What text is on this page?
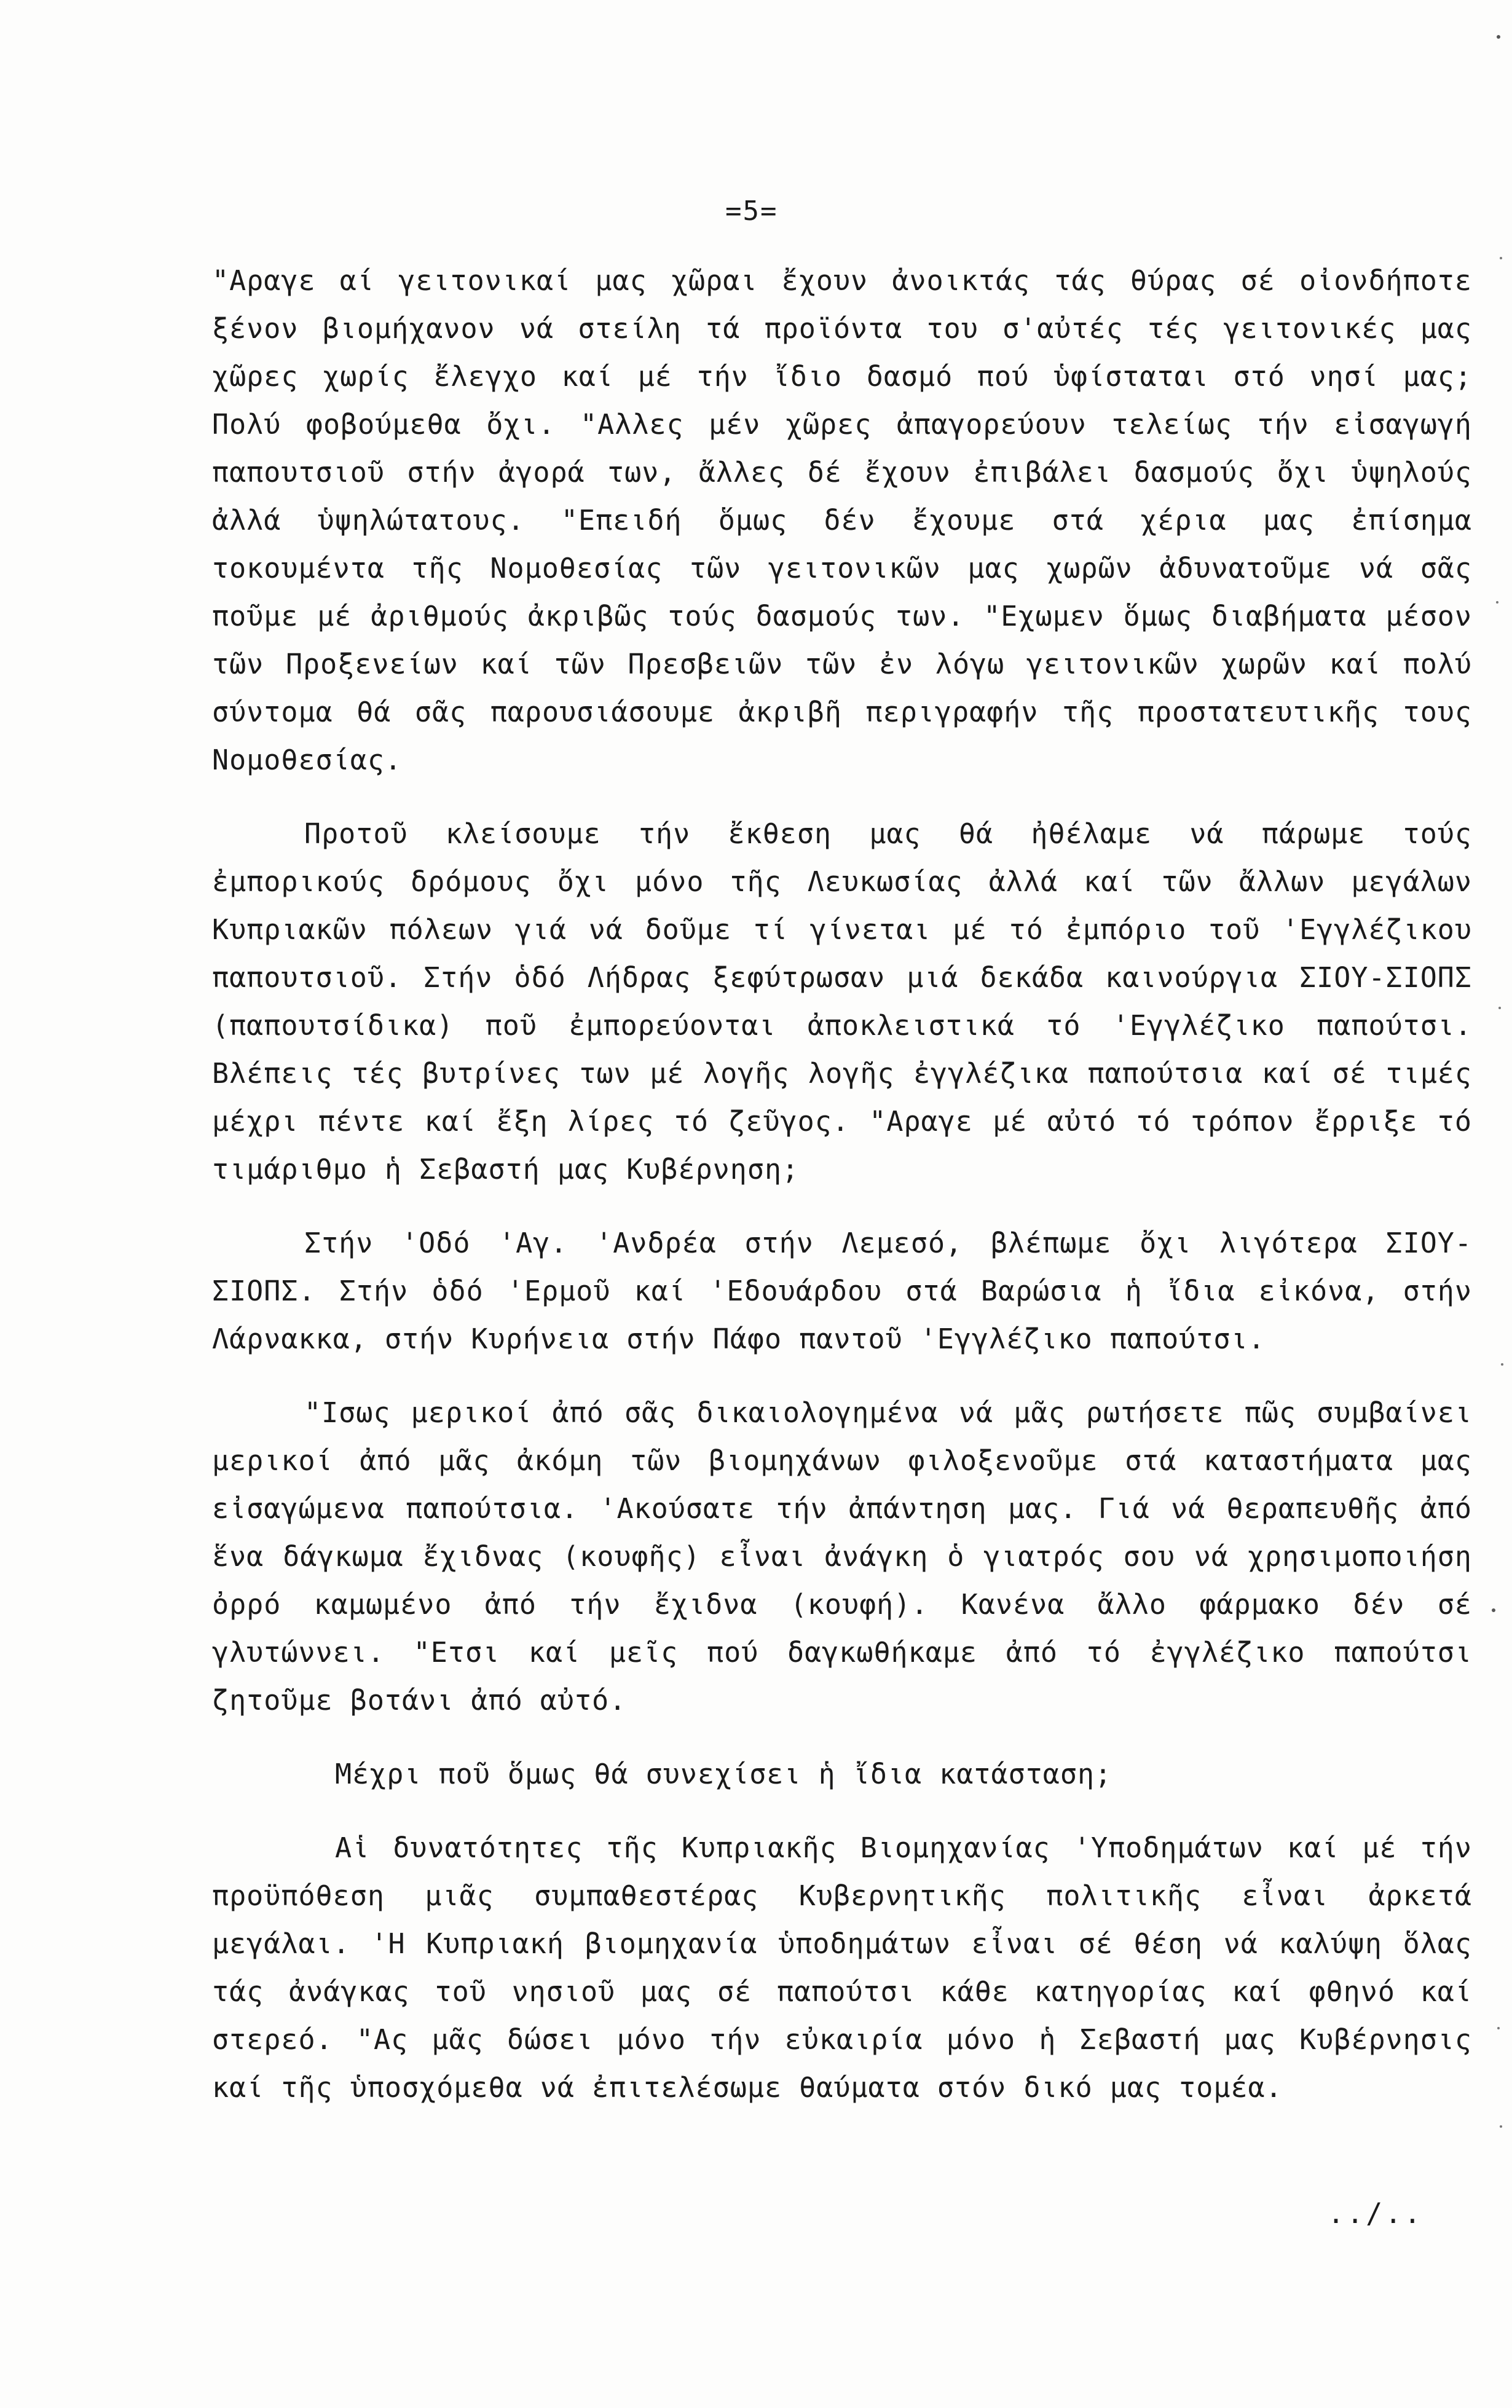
=5=

"Αραγε αί γειτονικαί μας χῶραι ἔχουν ἀνοικτάς τάς θύρας σέ οἰονδήποτε ξένον βιομήχανον νά στείλη τά προϊόντα του σ'αὐτές τές γειτονικές μας χῶρες χωρίς ἔλεγχο καί μέ τήν ἴδιο δασμό πού ὑφίσταται στό νησί μας; Πολύ φοβούμεθα ὄχι. "Αλλες μέν χῶρες ἀπαγορεύουν τελείως τήν εἰσαγωγή παπουτσιοῦ στήν ἀγορά των, ἄλλες δέ ἔχουν ἐπιβάλει δασμούς ὄχι ὑψηλούς ἀλλά ὑψηλώτατους. "Επειδή ὅμως δέν ἔχουμε στά χέρια μας ἐπίσημα τοκουμέντα τῆς Νομοθεσίας τῶν γειτονικῶν μας χωρῶν ἀδυνατοῦμε νά σᾶς ποῦμε μέ ἀριθμούς ἀκριβῶς τούς δασμούς των. "Εχωμεν ὅμως διαβήματα μέσον τῶν Προξενείων καί τῶν Πρεσβειῶν τῶν ἐν λόγω γειτονικῶν χωρῶν καί πολύ σύντομα θά σᾶς παρουσιάσουμε ἀκριβῆ περιγραφήν τῆς προστατευτικῆς τους Νομοθεσίας.

Προτοῦ κλείσουμε τήν ἔκθεση μας θά ἠθέλαμε νά πάρωμε τούς ἐμπορικούς δρόμους ὄχι μόνο τῆς Λευκωσίας ἀλλά καί τῶν ἄλλων μεγάλων Κυπριακῶν πόλεων γιά νά δοῦμε τί γίνεται μέ τό ἐμπόριο τοῦ 'Εγγλέζικου παπουτσιοῦ. Στήν ὁδό Λήδρας ξεφύτρωσαν μιά δεκάδα καινούργια ΣΙΟΥ-ΣΙΟΠΣ (παπουτσίδικα) ποῦ ἐμπορεύονται ἀποκλειστικά τό 'Εγγλέζικο παπούτσι. Βλέπεις τές βυτρίνες των μέ λογῆς λογῆς ἐγγλέζικα παπούτσια καί σέ τιμές μέχρι πέντε καί ἔξη λίρες τό ζεῦγος. "Αραγε μέ αὐτό τό τρόπον ἔρριξε τό τιμάριθμο ἡ Σεβαστή μας Κυβέρνηση;

Στήν 'Οδό 'Αγ. 'Ανδρέα στήν Λεμεσό, βλέπωμε ὄχι λιγότερα ΣΙΟΥ-ΣΙΟΠΣ. Στήν ὁδό 'Ερμοῦ καί 'Εδουάρδου στά Βαρώσια ἡ ἴδια εἰκόνα, στήν Λάρνακκα, στήν Κυρήνεια στήν Πάφο παντοῦ 'Εγγλέζικο παπούτσι.

"Ισως μερικοί ἀπό σᾶς δικαιολογημένα νά μᾶς ρωτήσετε πῶς συμβαίνει μερικοί ἀπό μᾶς ἀκόμη τῶν βιομηχάνων φιλοξενοῦμε στά καταστήματα μας εἰσαγώμενα παπούτσια. 'Ακούσατε τήν ἀπάντηση μας. Γιά νά θεραπευθῆς ἀπό ἕνα δάγκωμα ἔχιδνας (κουφῆς) εἶναι ἀνάγκη ὁ γιατρός σου νά χρησιμοποιήση ὀρρό καμωμένο ἀπό τήν ἔχιδνα (κουφή). Κανένα ἄλλο φάρμακο δέν σέ γλυτώννει. "Ετσι καί μεῖς πού δαγκωθήκαμε ἀπό τό ἐγγλέζικο παπούτσι ζητοῦμε βοτάνι ἀπό αὐτό.

Μέχρι ποῦ ὅμως θά συνεχίσει ἡ ἴδια κατάσταση;

Αἱ δυνατότητες τῆς Κυπριακῆς Βιομηχανίας 'Υποδημάτων καί μέ τήν προϋπόθεση μιᾶς συμπαθεστέρας Κυβερνητικῆς πολιτικῆς εἶναι ἀρκετά μεγάλαι. 'Η Κυπριακή βιομηχανία ὑποδημάτων εἶναι σέ θέση νά καλύψη ὅλας τάς ἀνάγκας τοῦ νησιοῦ μας σέ παπούτσι κάθε κατηγορίας καί φθηνό καί στερεό. "Ας μᾶς δώσει μόνο τήν εὐκαιρία μόνο ἡ Σεβαστή μας Κυβέρνησις καί τῆς ὑποσχόμεθα νά ἐπιτελέσωμε θαύματα στόν δικό μας τομέα.

../..
